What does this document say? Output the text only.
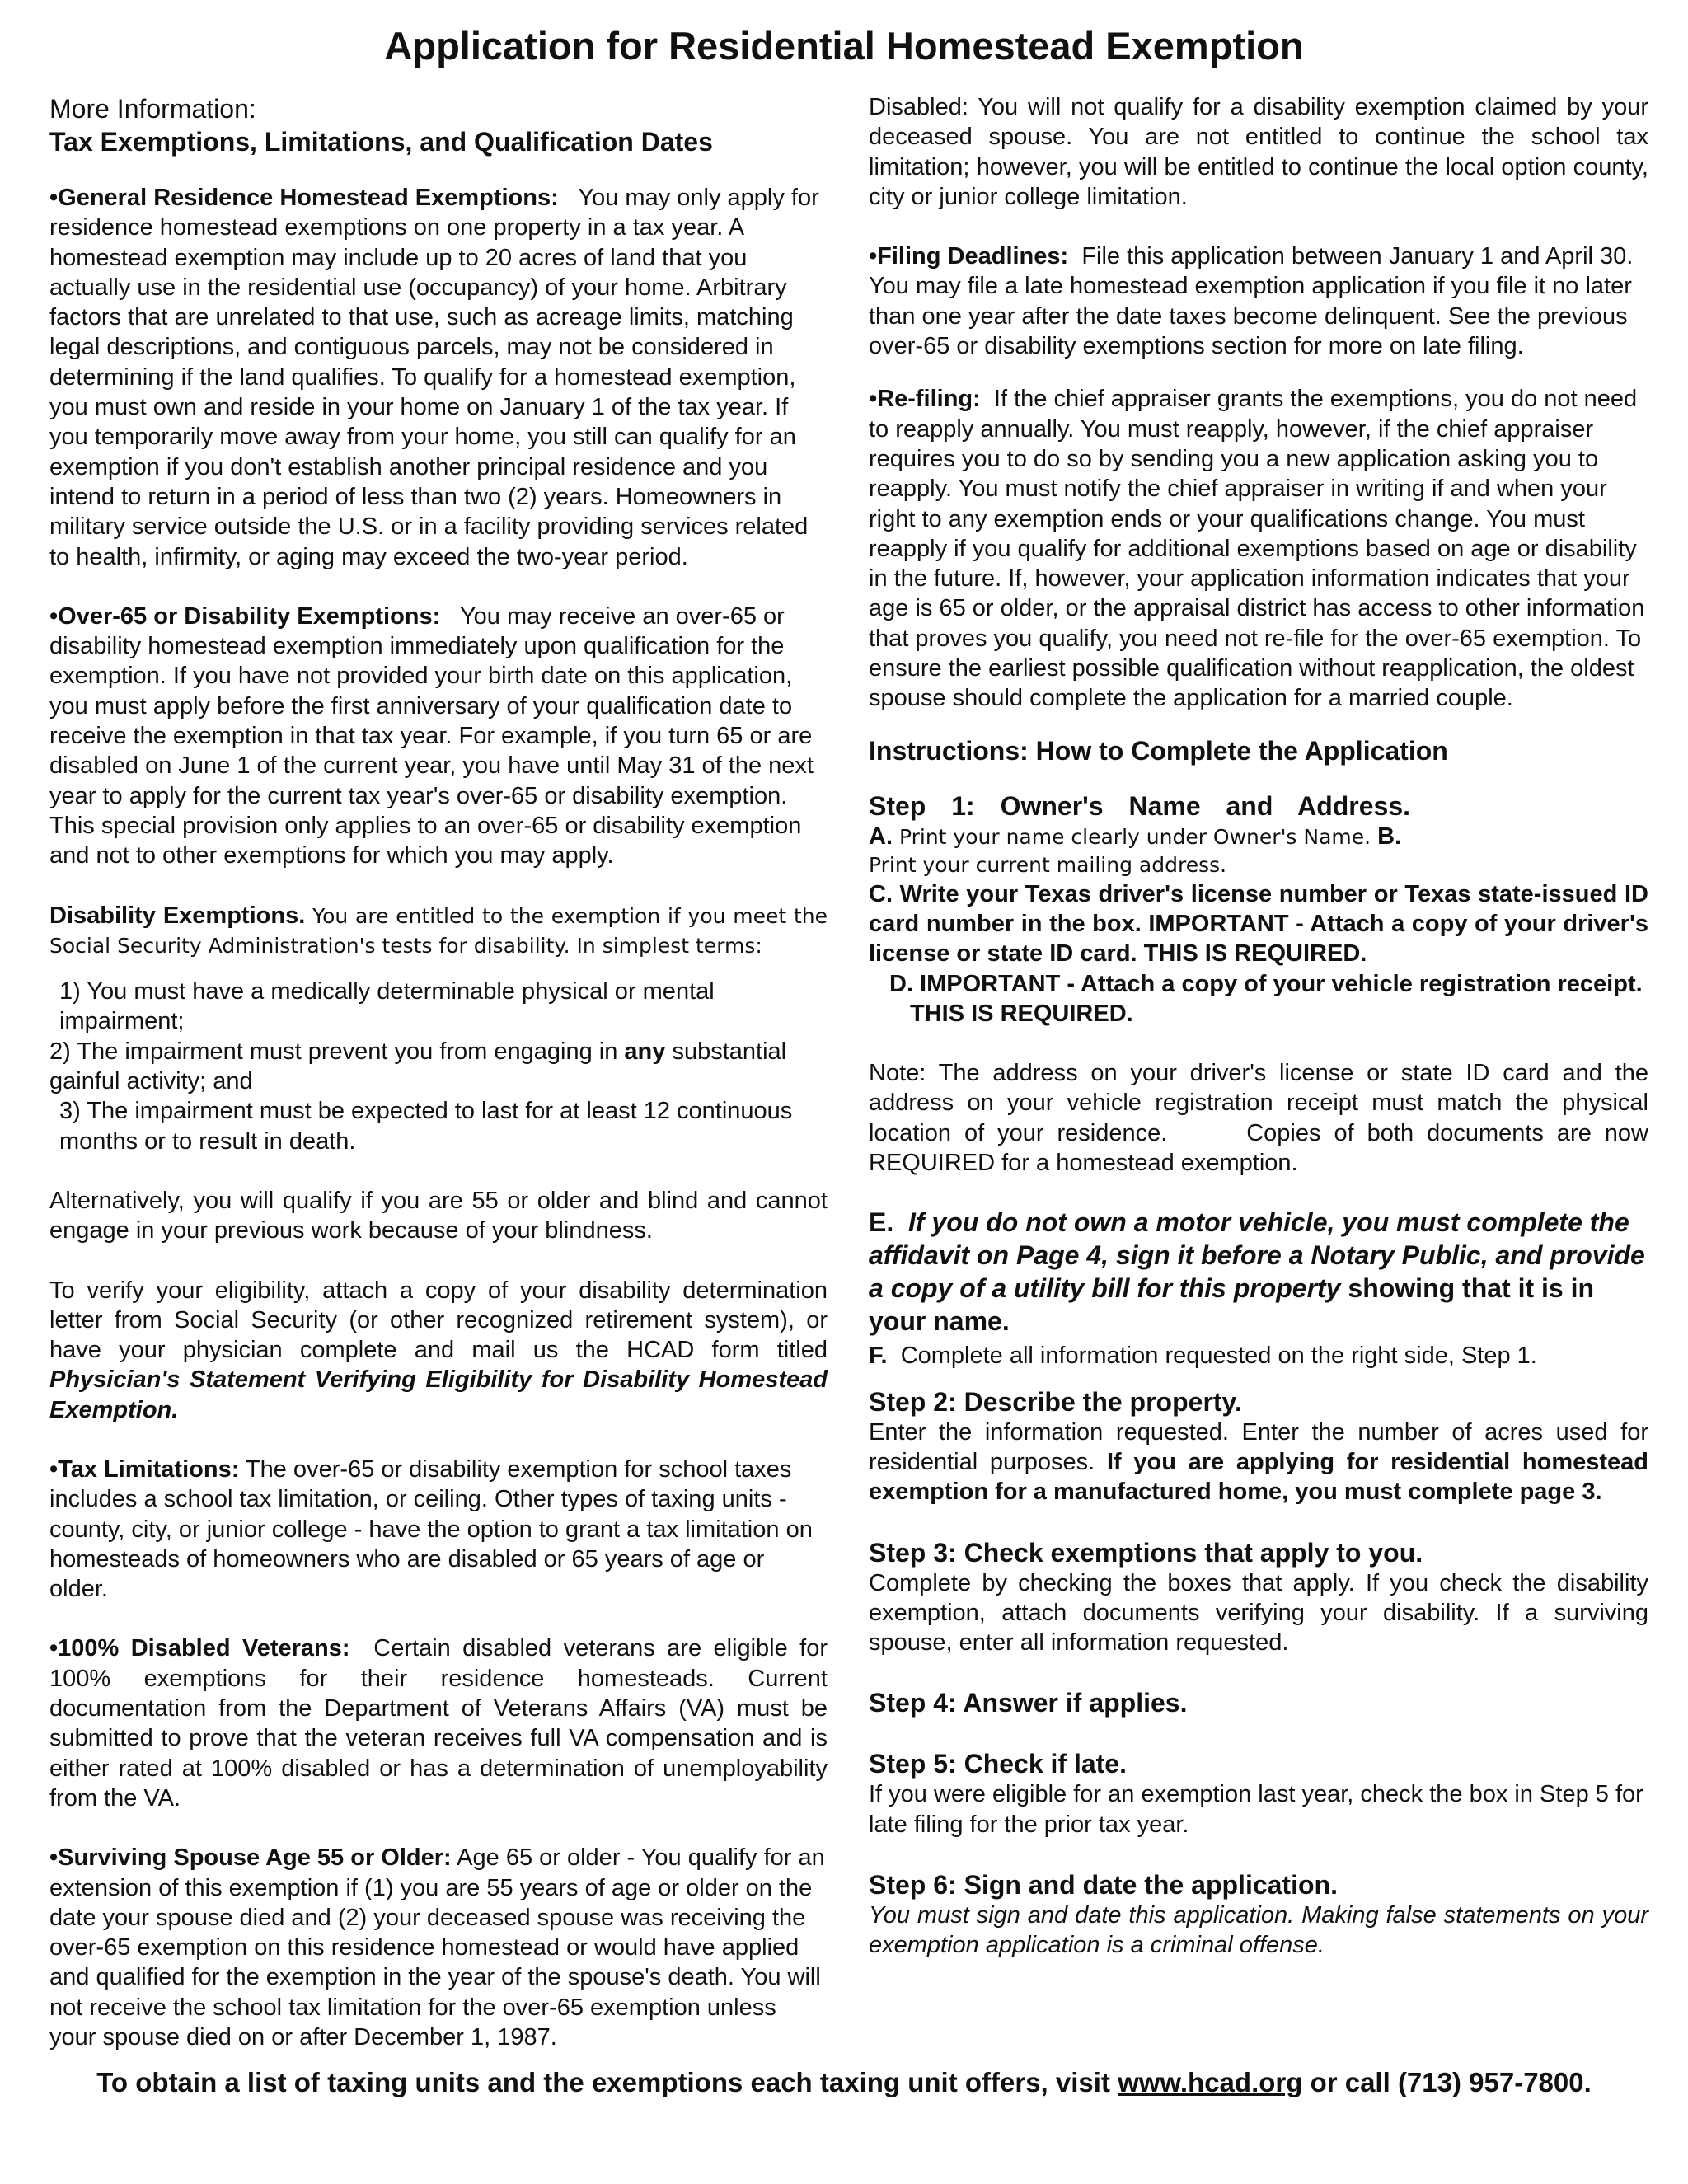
Application for Residential Homestead Exemption

More Information:

Tax Exemptions, Limitations, and Qualification Dates

•General Residence Homestead Exemptions: You may only apply for residence homestead exemptions on one property in a tax year. A homestead exemption may include up to 20 acres of land that you actually use in the residential use (occupancy) of your home. Arbitrary factors that are unrelated to that use, such as acreage limits, matching legal descriptions, and contiguous parcels, may not be considered in determining if the land qualifies. To qualify for a homestead exemption, you must own and reside in your home on January 1 of the tax year. If you temporarily move away from your home, you still can qualify for an exemption if you don't establish another principal residence and you intend to return in a period of less than two (2) years. Homeowners in military service outside the U.S. or in a facility providing services related to health, infirmity, or aging may exceed the two-year period.

•Over-65 or Disability Exemptions: You may receive an over-65 or disability homestead exemption immediately upon qualification for the exemption. If you have not provided your birth date on this application, you must apply before the first anniversary of your qualification date to receive the exemption in that tax year. For example, if you turn 65 or are disabled on June 1 of the current year, you have until May 31 of the next year to apply for the current tax year's over-65 or disability exemption. This special provision only applies to an over-65 or disability exemption and not to other exemptions for which you may apply.

Disability Exemptions. You are entitled to the exemption if you meet the Social Security Administration's tests for disability. In simplest terms:

1) You must have a medically determinable physical or mental impairment;

2) The impairment must prevent you from engaging in any substantial gainful activity; and

3) The impairment must be expected to last for at least 12 continuous months or to result in death.

Alternatively, you will qualify if you are 55 or older and blind and cannot engage in your previous work because of your blindness.

To verify your eligibility, attach a copy of your disability determination letter from Social Security (or other recognized retirement system), or have your physician complete and mail us the HCAD form titled Physician's Statement Verifying Eligibility for Disability Homestead Exemption.

•Tax Limitations: The over-65 or disability exemption for school taxes includes a school tax limitation, or ceiling. Other types of taxing units - county, city, or junior college - have the option to grant a tax limitation on homesteads of homeowners who are disabled or 65 years of age or older.

•100% Disabled Veterans: Certain disabled veterans are eligible for 100% exemptions for their residence homesteads. Current documentation from the Department of Veterans Affairs (VA) must be submitted to prove that the veteran receives full VA compensation and is either rated at 100% disabled or has a determination of unemployability from the VA.

•Surviving Spouse Age 55 or Older: Age 65 or older - You qualify for an extension of this exemption if (1) you are 55 years of age or older on the date your spouse died and (2) your deceased spouse was receiving the over-65 exemption on this residence homestead or would have applied and qualified for the exemption in the year of the spouse's death. You will not receive the school tax limitation for the over-65 exemption unless your spouse died on or after December 1, 1987.

Disabled: You will not qualify for a disability exemption claimed by your deceased spouse. You are not entitled to continue the school tax limitation; however, you will be entitled to continue the local option county, city or junior college limitation.

•Filing Deadlines: File this application between January 1 and April 30. You may file a late homestead exemption application if you file it no later than one year after the date taxes become delinquent. See the previous over-65 or disability exemptions section for more on late filing.

•Re-filing: If the chief appraiser grants the exemptions, you do not need to reapply annually. You must reapply, however, if the chief appraiser requires you to do so by sending you a new application asking you to reapply. You must notify the chief appraiser in writing if and when your right to any exemption ends or your qualifications change. You must reapply if you qualify for additional exemptions based on age or disability in the future. If, however, your application information indicates that your age is 65 or older, or the appraisal district has access to other information that proves you qualify, you need not re-file for the over-65 exemption. To ensure the earliest possible qualification without reapplication, the oldest spouse should complete the application for a married couple.

Instructions: How to Complete the Application

Step 1: Owner's Name and Address.

A. Print your name clearly under Owner's Name. B.

Print your current mailing address.

C. Write your Texas driver's license number or Texas state-issued ID card number in the box. IMPORTANT - Attach a copy of your driver's license or state ID card. THIS IS REQUIRED.

D. IMPORTANT - Attach a copy of your vehicle registration receipt. THIS IS REQUIRED.

Note: The address on your driver's license or state ID card and the address on your vehicle registration receipt must match the physical location of your residence.	Copies of both documents are now REQUIRED for a homestead exemption.

E. If you do not own a motor vehicle, you must complete the affidavit on Page 4, sign it before a Notary Public, and provide a copy of a utility bill for this property showing that it is in your name.

F. Complete all information requested on the right side, Step 1.

Step 2: Describe the property.

Enter the information requested. Enter the number of acres used for residential purposes. If you are applying for residential homestead exemption for a manufactured home, you must complete page 3.

Step 3: Check exemptions that apply to you.

Complete by checking the boxes that apply. If you check the disability exemption, attach documents verifying your disability. If a surviving spouse, enter all information requested.

Step 4: Answer if applies.

Step 5: Check if late.

If you were eligible for an exemption last year, check the box in Step 5 for late filing for the prior tax year.

Step 6: Sign and date the application.

You must sign and date this application. Making false statements on your exemption application is a criminal offense.

To obtain a list of taxing units and the exemptions each taxing unit offers, visit www.hcad.org or call (713) 957-7800.
